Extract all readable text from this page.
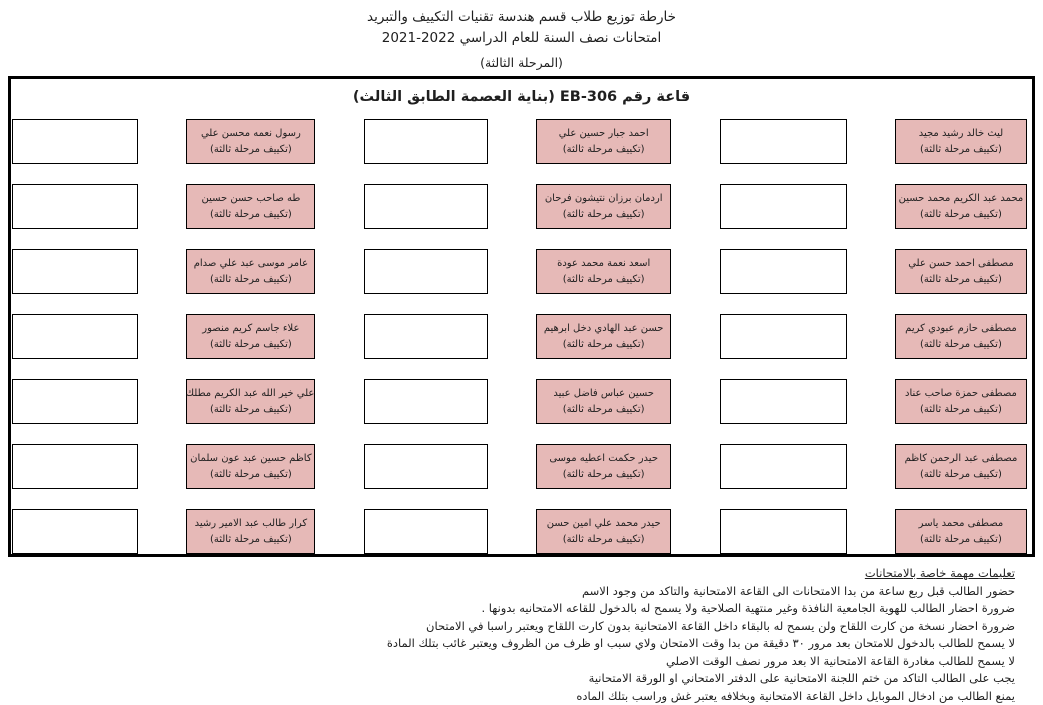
خارطة توزيع طلاب قسم هندسة تقنيات التكييف والتبريد

امتحانات نصف السنة للعام الدراسي 2022-2021

(المرحلة الثالثة)

قاعة رقم EB-306 (بناية العصمة الطابق الثالث)
رسول نعمه محسن علي
(تكييف مرحلة ثالثة)
احمد جبار حسين علي
(تكييف مرحلة ثالثة)
ليث خالد رشيد مجيد
(تكييف مرحلة ثالثة)
طه صاحب حسن حسين
(تكييف مرحلة ثالثة)
اردمان برزان نتيشون فرحان
(تكييف مرحلة ثالثة)
محمد عبد الكريم محمد حسين
(تكييف مرحلة ثالثة)
عامر موسى عبد علي صدام
(تكييف مرحلة ثالثة)
اسعد نعمة محمد عودة
(تكييف مرحلة ثالثة)
مصطفى احمد حسن علي
(تكييف مرحلة ثالثة)
علاء جاسم كريم منصور
(تكييف مرحلة ثالثة)
حسن عبد الهادي دخل ابرهيم
(تكييف مرحلة ثالثة)
مصطفى حازم عبودي كريم
(تكييف مرحلة ثالثة)
علي خير الله عبد الكريم مطلك
(تكييف مرحلة ثالثة)
حسين عباس فاضل عبيد
(تكييف مرحلة ثالثة)
مصطفى حمزة صاحب عناد
(تكييف مرحلة ثالثة)
كاظم حسين عبد عون سلمان
(تكييف مرحلة ثالثة)
حيدر حكمت اعطيه موسى
(تكييف مرحلة ثالثة)
مصطفى عبد الرحمن كاظم
(تكييف مرحلة ثالثة)
كرار طالب عبد الامير رشيد
(تكييف مرحلة ثالثة)
حيدر محمد علي امين حسن
(تكييف مرحلة ثالثة)
مصطفى محمد ياسر
(تكييف مرحلة ثالثة)

تعليمات مهمة خاصة بالامتحانات

حضور الطالب قبل ربع ساعة من بدا الامتحانات الى القاعة الامتحانية والتاكد من وجود الاسم

ضرورة احضار الطالب للهوية الجامعية النافذة وغير منتهية الصلاحية ولا يسمح له بالدخول للقاعه الامتحانيه بدونها .

ضرورة احضار نسخة من كارت اللقاح ولن يسمح له بالبقاء داخل القاعة الامتحانية بدون كارت اللقاح ويعتبر راسبا في الامتحان

لا يسمح للطالب بالدخول للامتحان بعد مرور ٣٠ دقيقة من بدا وقت الامتحان ولاي سبب او ظرف من الظروف ويعتبر غائب بتلك المادة

لا يسمح للطالب مغادرة القاعة الامتحانية الا بعد مرور نصف الوقت الاصلي

يجب على الطالب التاكد من ختم اللجنة الامتحانية على الدفتر الامتحاني او الورقة الامتحانية

يمنع الطالب من ادخال الموبايل داخل القاعة الامتحانية وبخلافه يعتبر غش وراسب بتلك الماده
